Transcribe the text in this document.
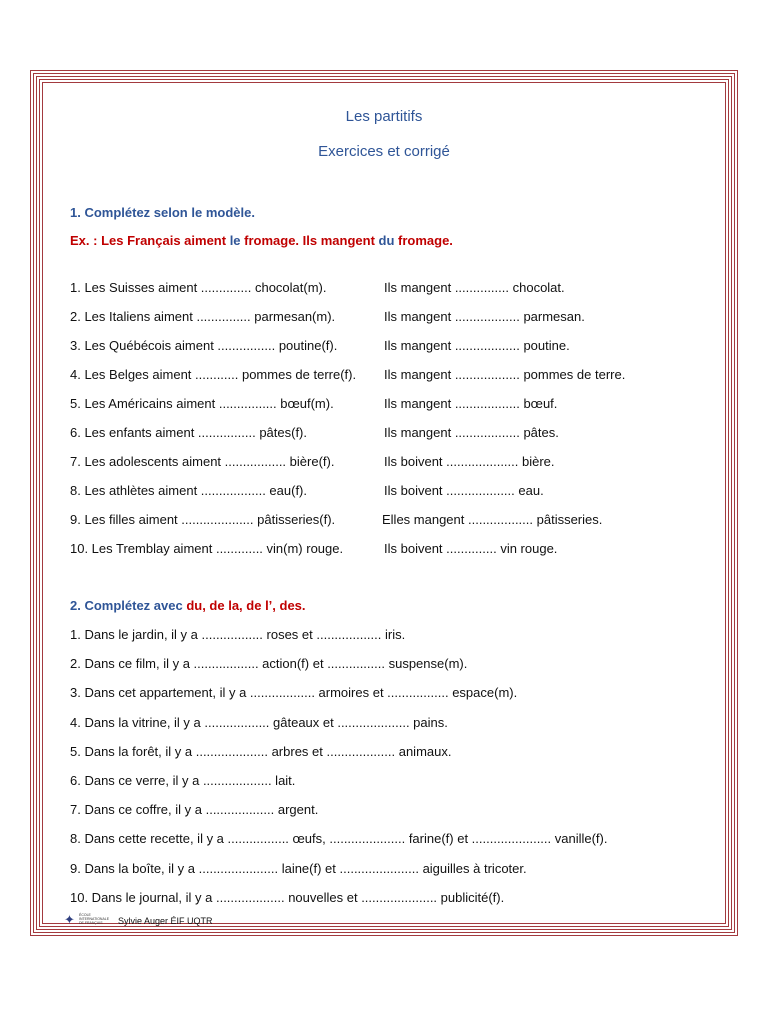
Les partitifs
Exercices et corrigé
1. Complétez selon le modèle.
Ex. : Les Français aiment le fromage. Ils mangent du fromage.
1. Les Suisses aiment .............. chocolat(m).	Ils mangent ............... chocolat.
2. Les Italiens aiment ............... parmesan(m).	Ils mangent .................. parmesan.
3. Les Québécois aiment ................ poutine(f).	Ils mangent .................. poutine.
4. Les Belges aiment ............ pommes de terre(f). Ils mangent .................. pommes de terre.
5. Les Américains aiment ................ bœuf(m).	Ils mangent .................. bœuf.
6. Les enfants aiment ................ pâtes(f).	Ils mangent .................. pâtes.
7. Les adolescents aiment ................. bière(f).	Ils boivent .................... bière.
8. Les athlètes aiment .................. eau(f).	Ils boivent ................... eau.
9. Les filles aiment .................... pâtisseries(f).	Elles mangent .................. pâtisseries.
10. Les Tremblay aiment ............. vin(m) rouge.	Ils boivent .............. vin rouge.
2. Complétez avec du, de la, de l’, des.
1. Dans le jardin, il y a ................. roses et .................. iris.
2. Dans ce film, il y a .................. action(f) et ................ suspense(m).
3. Dans cet appartement, il y a .................. armoires et ................. espace(m).
4. Dans la vitrine, il y a .................. gâteaux et .................... pains.
5. Dans la forêt, il y a .................... arbres et ................... animaux.
6. Dans ce verre, il y a ................... lait.
7. Dans ce coffre, il y a ................... argent.
8. Dans cette recette, il y a ................. œufs, ..................... farine(f) et ...................... vanille(f).
9. Dans la boîte, il y a ...................... laine(f) et ...................... aiguilles à tricoter.
10. Dans le journal, il y a ................... nouvelles et ..................... publicité(f).
✦	ÉCOLE
INTERNATIONALE
DE FRANÇAIS	Sylvie Auger ÉIF UQTR
